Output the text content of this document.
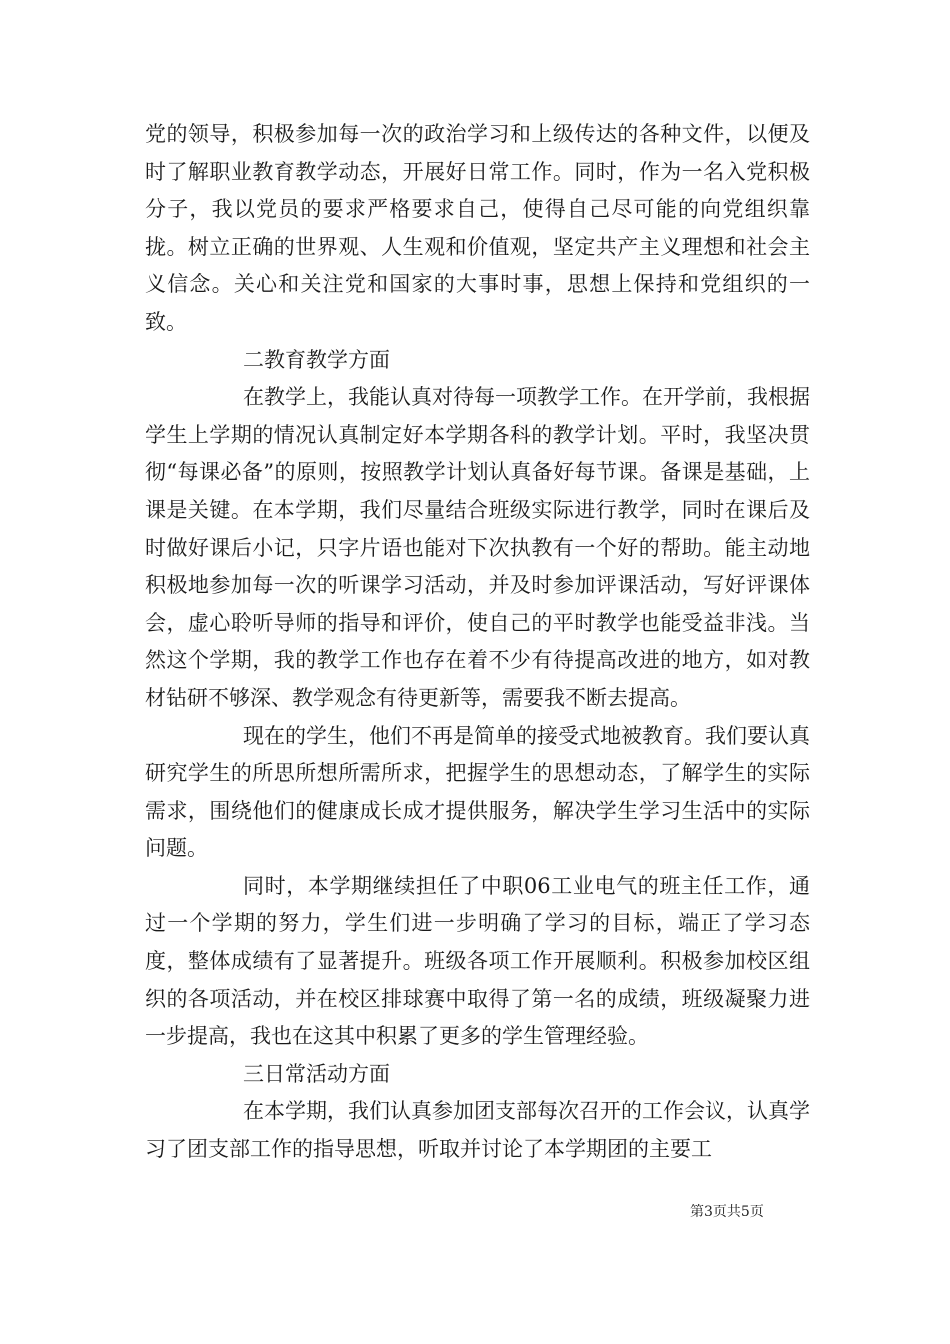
党的领导，积极参加每一次的政治学习和上级传达的各种文件，以便及时了解职业教育教学动态，开展好日常工作。同时，作为一名入党积极分子，我以党员的要求严格要求自己，使得自己尽可能的向党组织靠拢。树立正确的世界观、人生观和价值观，坚定共产主义理想和社会主义信念。关心和关注党和国家的大事时事，思想上保持和党组织的一致。

二教育教学方面

在教学上，我能认真对待每一项教学工作。在开学前，我根据学生上学期的情况认真制定好本学期各科的教学计划。平时，我坚决贯彻“每课必备”的原则，按照教学计划认真备好每节课。备课是基础，上课是关键。在本学期，我们尽量结合班级实际进行教学，同时在课后及时做好课后小记，只字片语也能对下次执教有一个好的帮助。能主动地积极地参加每一次的听课学习活动，并及时参加评课活动，写好评课体会，虚心聆听导师的指导和评价，使自己的平时教学也能受益非浅。当然这个学期，我的教学工作也存在着不少有待提高改进的地方，如对教材钻研不够深、教学观念有待更新等，需要我不断去提高。

现在的学生，他们不再是简单的接受式地被教育。我们要认真研究学生的所思所想所需所求，把握学生的思想动态，了解学生的实际需求，围绕他们的健康成长成才提供服务，解决学生学习生活中的实际问题。

同时，本学期继续担任了中职06工业电气的班主任工作，通过一个学期的努力，学生们进一步明确了学习的目标，端正了学习态度，整体成绩有了显著提升。班级各项工作开展顺利。积极参加校区组织的各项活动，并在校区排球赛中取得了第一名的成绩，班级凝聚力进一步提高，我也在这其中积累了更多的学生管理经验。

三日常活动方面

在本学期，我们认真参加团支部每次召开的工作会议，认真学习了团支部工作的指导思想，听取并讨论了本学期团的主要工

第3页共5页
